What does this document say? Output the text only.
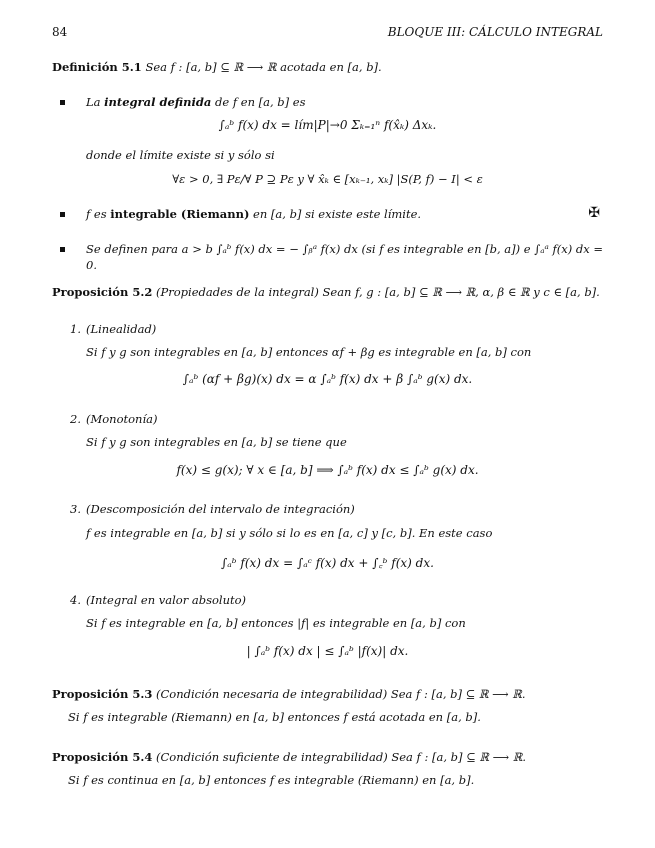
84	BLOQUE III: CÁLCULO INTEGRAL
Definición 5.1 Sea f : [a, b] ⊆ ℝ ⟶ ℝ acotada en [a, b].
La integral definida de f en [a, b] es
∫ₐᵇ f(x) dx = lím|P|→0 Σₖ₌₁ⁿ f(x̂ₖ) Δxₖ.
donde el límite existe si y sólo si
∀ε > 0, ∃ Pε/∀ P ⊇ Pε y ∀ x̂ₖ ∈ [xₖ₋₁, xₖ] |S(P, f) − I| < ε
f es integrable (Riemann) en [a, b] si existe este límite.	✠
Se definen para a > b ∫ₐᵇ f(x) dx = − ∫ᵦᵃ f(x) dx (si f es integrable en [b, a]) e ∫ₐᵃ f(x) dx = 0.
Proposición 5.2 (Propiedades de la integral) Sean f, g : [a, b] ⊆ ℝ ⟶ ℝ, α, β ∈ ℝ y c ∈ [a, b].
1. (Linealidad)
Si f y g son integrables en [a, b] entonces αf + βg es integrable en [a, b] con
∫ₐᵇ (αf + βg)(x) dx = α ∫ₐᵇ f(x) dx + β ∫ₐᵇ g(x) dx.
2. (Monotonía)
Si f y g son integrables en [a, b] se tiene que
f(x) ≤ g(x); ∀ x ∈ [a, b] ⟹ ∫ₐᵇ f(x) dx ≤ ∫ₐᵇ g(x) dx.
3. (Descomposición del intervalo de integración)
f es integrable en [a, b] si y sólo si lo es en [a, c] y [c, b]. En este caso
∫ₐᵇ f(x) dx = ∫ₐᶜ f(x) dx + ∫꜀ᵇ f(x) dx.
4. (Integral en valor absoluto)
Si f es integrable en [a, b] entonces |f| es integrable en [a, b] con
| ∫ₐᵇ f(x) dx | ≤ ∫ₐᵇ |f(x)| dx.
Proposición 5.3 (Condición necesaria de integrabilidad) Sea f : [a, b] ⊆ ℝ ⟶ ℝ.
Si f es integrable (Riemann) en [a, b] entonces f está acotada en [a, b].
Proposición 5.4 (Condición suficiente de integrabilidad) Sea f : [a, b] ⊆ ℝ ⟶ ℝ.
Si f es continua en [a, b] entonces f es integrable (Riemann) en [a, b].
